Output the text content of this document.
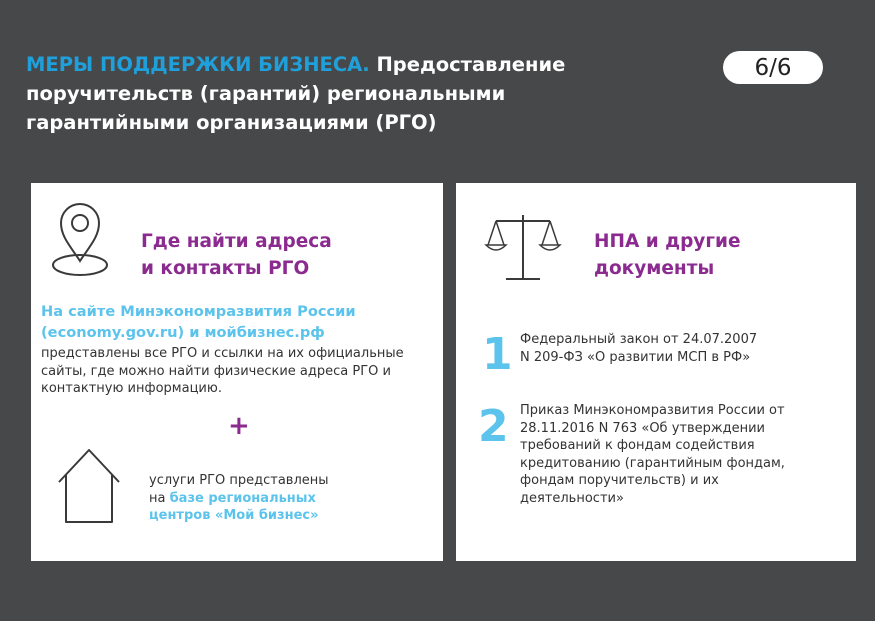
МЕРЫ ПОДДЕРЖКИ БИЗНЕСА. Предоставление поручительств (гарантий) региональными гарантийными организациями (РГО)
6/6
Где найти адреса
и контакты РГО
На сайте Минэкономразвития России
(economy.gov.ru) и мойбизнес.рф
представлены все РГО и ссылки на их официальные сайты, где можно найти физические адреса РГО и контактную информацию.
+
услуги РГО представлены
на базе региональных
центров «Мой бизнес»
НПА и другие
документы
1 Федеральный закон от 24.07.2007 N 209-ФЗ «О развитии МСП в РФ»
2 Приказ Минэкономразвития России от 28.11.2016 N 763 «Об утверждении требований к фондам содействия кредитованию (гарантийным фондам, фондам поручительств) и их деятельности»
